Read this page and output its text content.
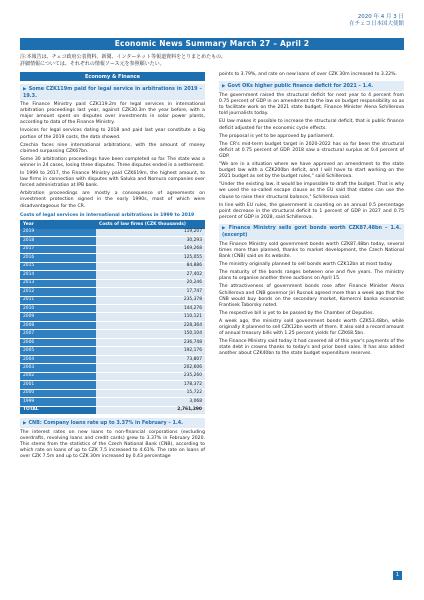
2020 年 4 月 3 日
在チェコ日本国大使館
Economic News Summary March 27 – April 2
注:本報告は、チェコ政府公表資料、新聞、インターネット等報道資料をとりまとめたもの。
詳細情報については、それぞれの情報ソース元を参照願いたい。
Economy & Finance
▶ Some CZK119m paid for legal service in arbitrations in 2019 – 19.3.

The Finance Ministry paid CZK119.2m for legal services in international arbitration proceedings last year, against CZK30.3m the year before, with a major amount spent on disputes over investments in solar power plants, according to data of the Finance Ministry.

Invoices for legal services dating to 2018 and paid last year constitute a big portion of the 2019 costs, the data showed.

Czechia faces nine international arbitrations, with the amount of money claimed surpassing CZK67bn.

Some 30 arbitration proceedings have been completed so far. The state was a winner in 24 cases, losing three disputes. Three disputes ended in a settlement.

In 1999 to 2017, the Finance Ministry paid CZK619m, the highest amount, to law firms in connection with disputes with Saluka and Nomura companies over forced administration at IPB bank.

Arbitration proceedings are mostly a consequence of agreements on investment protection signed in the early 1990s, most of which were disadvantageous for the CR.

Costs of legal services in international arbitrations in 1999 to 2019	
Year	Costs of law firms (CZK thousands)
2019	119,207
2018	30,293
2017	169,268
2016	125,055
2015	84,886
2014	27,402
2013	20,246
2012	17,747
2011	235,378
2010	144,276
2009	110,121
2008	228,364
2007	150,104
2006	236,748
2005	192,176
2004	73,807
2003	202,606
2002	235,260
2001	178,372
2000	15,722
1999	3,068
TOTAL	2,761,290
▶ CNB: Company loans rate up to 3.37% in February – 1.4.

The interest rates on new loans to non-financial corporations (excluding overdrafts, revolving loans and credit cards) grew to 3.37% in February 2020. This stems from the statistics of the Czech National Bank (CNB), according to which rate on loans of up to CZK 7.5 increased to 4.61%. The rate on loans of over CZK 7.5m and up to CZK 30m increased by 0.43 percentage

points to 3.79%, and rate on new loans of over CZK 30m increased to 3.22%.

▶ Govt OKs higher public finance deficit for 2021 – 1.4.

The government raised the structural deficit for next year to 4 percent from 0.75 percent of GDP in an amendment to the law on budget responsibility so as to facilitate work on the 2021 state budget, Finance Minister Alena Schillerova told journalists today.

EU law makes it possible to increase the structural deficit, that is public finance deficit adjusted for the economic cycle effects.

The proposal is yet to be approved by parliament.

The CR's mid-term budget target in 2020-2022 has so far been the structural deficit at 0.75 percent of GDP. 2018 saw a structural surplus at 0.4 percent of GDP.

"We are in a situation where we have approved an amendment to the state budget law with a CZK200bn deficit, and I will have to start working on the 2021 budget as set by the budget rules," said Schillerova.

"Under the existing law, it would be impossible to draft the budget. That is why we used the so-called escape clause as the EU said that states can use the clause to raise their structural balance," Schillerova said.

In line with EU rules, the government is counting on an annual 0.5 percentage point decrease in the structural deficit to 1 percent of GDP in 2027 and 0.75 percent of GDP in 2028, said Schillerova.

▶ Finance Ministry sells govt bonds worth CZK87.48bn – 1.4. (excerpt)

The Finance Ministry sold government bonds worth CZK87.48bn today, several times more than planned, thanks to market development, the Czech National Bank (CNB) said on its website.

The ministry originally planned to sell bonds worth CZK12bn at most today.

The maturity of the bonds ranges between one and five years. The ministry plans to organise another three auctions on April 15.

The attractiveness of government bonds rose after Finance Minister Alena Schillerova and CNB governor Jiri Rusnok agreed more than a week ago that the CNB would buy bonds on the secondary market, Komercni banka economist Frantisek Taborsky noted.

The respective bill is yet to be passed by the Chamber of Deputies.

A week ago, the ministry sold government bonds worth CZK53.48bn, while originally it planned to sell CZK12bn worth of them. It also sold a record amount of annual treasury bills with 1.25 percent yields for CZK68.5bn.

The Finance Ministry said today it had covered all of this year's payments of the state debt in crowns thanks to today's and prior bond sales. It has also added another about CZK40bn to the state budget expenditure reserves.

1
